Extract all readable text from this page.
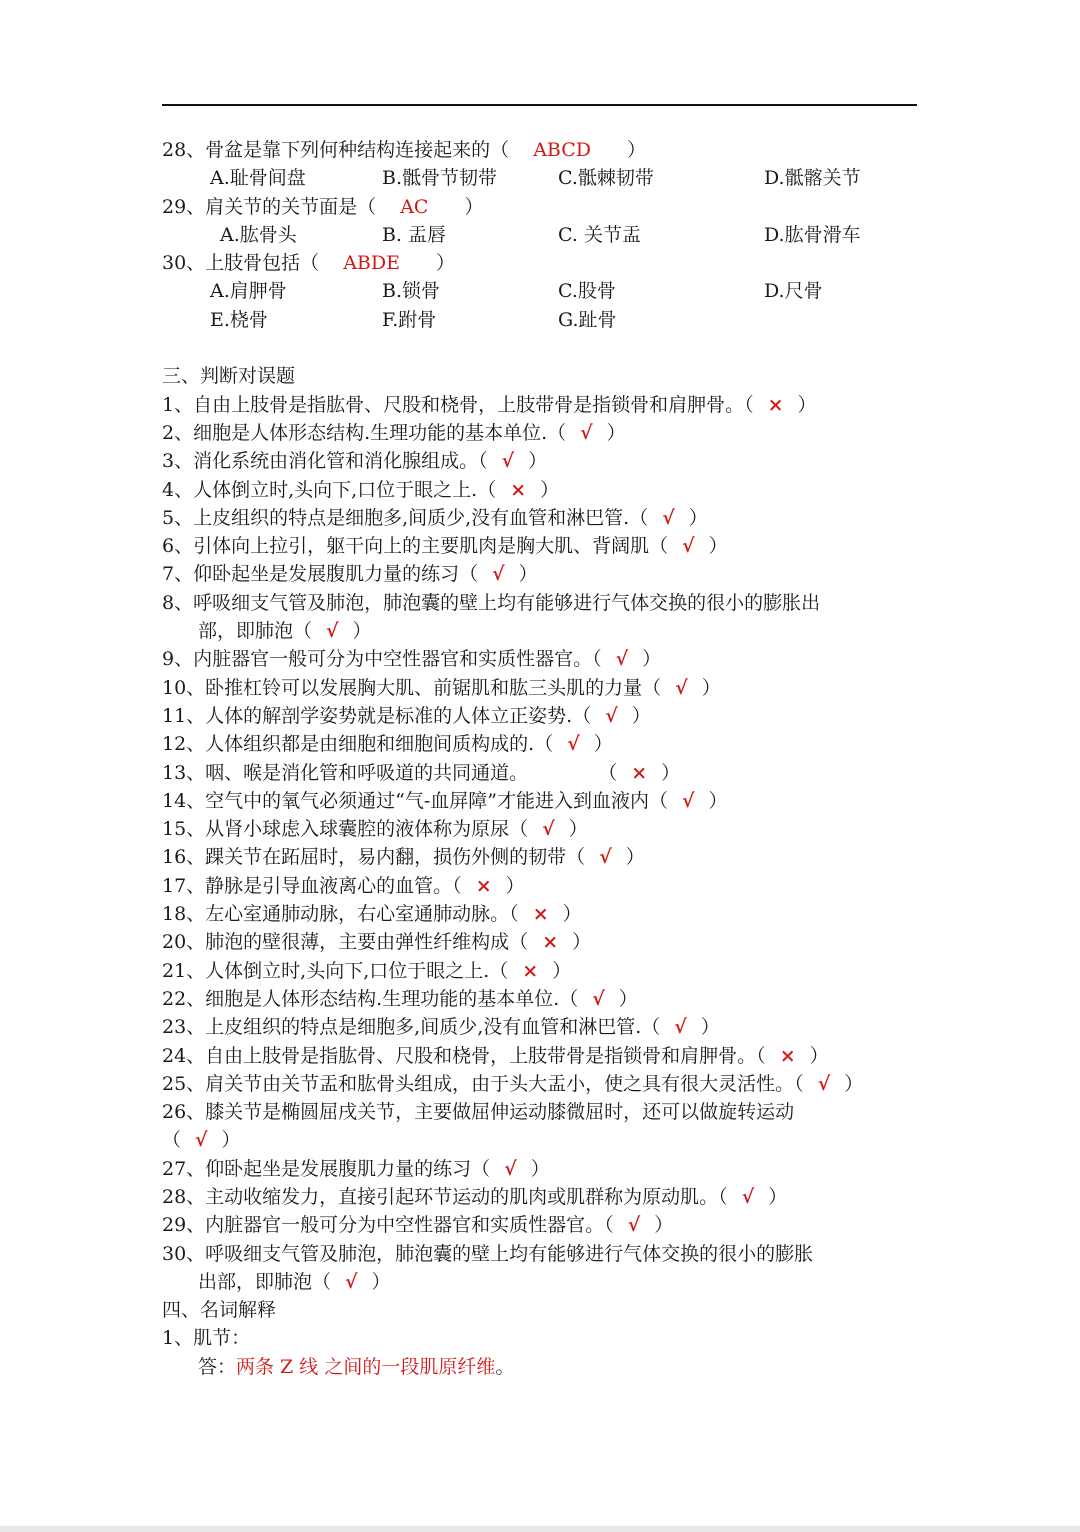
28、骨盆是靠下列何种结构连接起来的（ ABCD ）
A.耻骨间盘	B.骶骨节韧带	C.骶棘韧带	D.骶髂关节
29、肩关节的关节面是（ AC ）
A.肱骨头	B. 盂唇	C. 关节盂	D.肱骨滑车
30、上肢骨包括（ ABDE ）
A.肩胛骨	B.锁骨	C.股骨	D.尺骨
E.桡骨	F.跗骨	G.趾骨
三、判断对误题
1、自由上肢骨是指肱骨、尺股和桡骨，上肢带骨是指锁骨和肩胛骨。（ × ）
2、细胞是人体形态结构.生理功能的基本单位.（ √ ）
3、消化系统由消化管和消化腺组成。（ √ ）
4、人体倒立时,头向下,口位于眼之上.（ × ）
5、上皮组织的特点是细胞多,间质少,没有血管和淋巴管.（ √ ）
6、引体向上拉引，躯干向上的主要肌肉是胸大肌、背阔肌（ √ ）
7、仰卧起坐是发展腹肌力量的练习（ √ ）
8、呼吸细支气管及肺泡，肺泡囊的壁上均有能够进行气体交换的很小的膨胀出
部，即肺泡（ √ ）
9、内脏器官一般可分为中空性器官和实质性器官。（ √ ）
10、卧推杠铃可以发展胸大肌、前锯肌和肱三头肌的力量（ √ ）
11、人体的解剖学姿势就是标准的人体立正姿势.（ √ ）
12、人体组织都是由细胞和细胞间质构成的.（ √ ）
13、咽、喉是消化管和呼吸道的共同通道。	（ × ）
14、空气中的氧气必须通过“气-血屏障”才能进入到血液内（ √ ）
15、从肾小球虑入球囊腔的液体称为原尿（ √ ）
16、踝关节在跖屈时，易内翻，损伤外侧的韧带（ √ ）
17、静脉是引导血液离心的血管。（ × ）
18、左心室通肺动脉，右心室通肺动脉。（ × ）
20、肺泡的壁很薄，主要由弹性纤维构成（ × ）
21、人体倒立时,头向下,口位于眼之上.（ × ）
22、细胞是人体形态结构.生理功能的基本单位.（ √ ）
23、上皮组织的特点是细胞多,间质少,没有血管和淋巴管.（ √ ）
24、自由上肢骨是指肱骨、尺股和桡骨，上肢带骨是指锁骨和肩胛骨。（ × ）
25、肩关节由关节盂和肱骨头组成，由于头大盂小，使之具有很大灵活性。（ √ ）
26、膝关节是椭圆屈戌关节，主要做屈伸运动膝微屈时，还可以做旋转运动
（ √ ）
27、仰卧起坐是发展腹肌力量的练习（ √ ）
28、主动收缩发力，直接引起环节运动的肌肉或肌群称为原动肌。（ √ ）
29、内脏器官一般可分为中空性器官和实质性器官。（ √ ）
30、呼吸细支气管及肺泡，肺泡囊的壁上均有能够进行气体交换的很小的膨胀
出部，即肺泡（ √ ）
四、名词解释
1、肌节：
答：两条 Z 线 之间的一段肌原纤维。
